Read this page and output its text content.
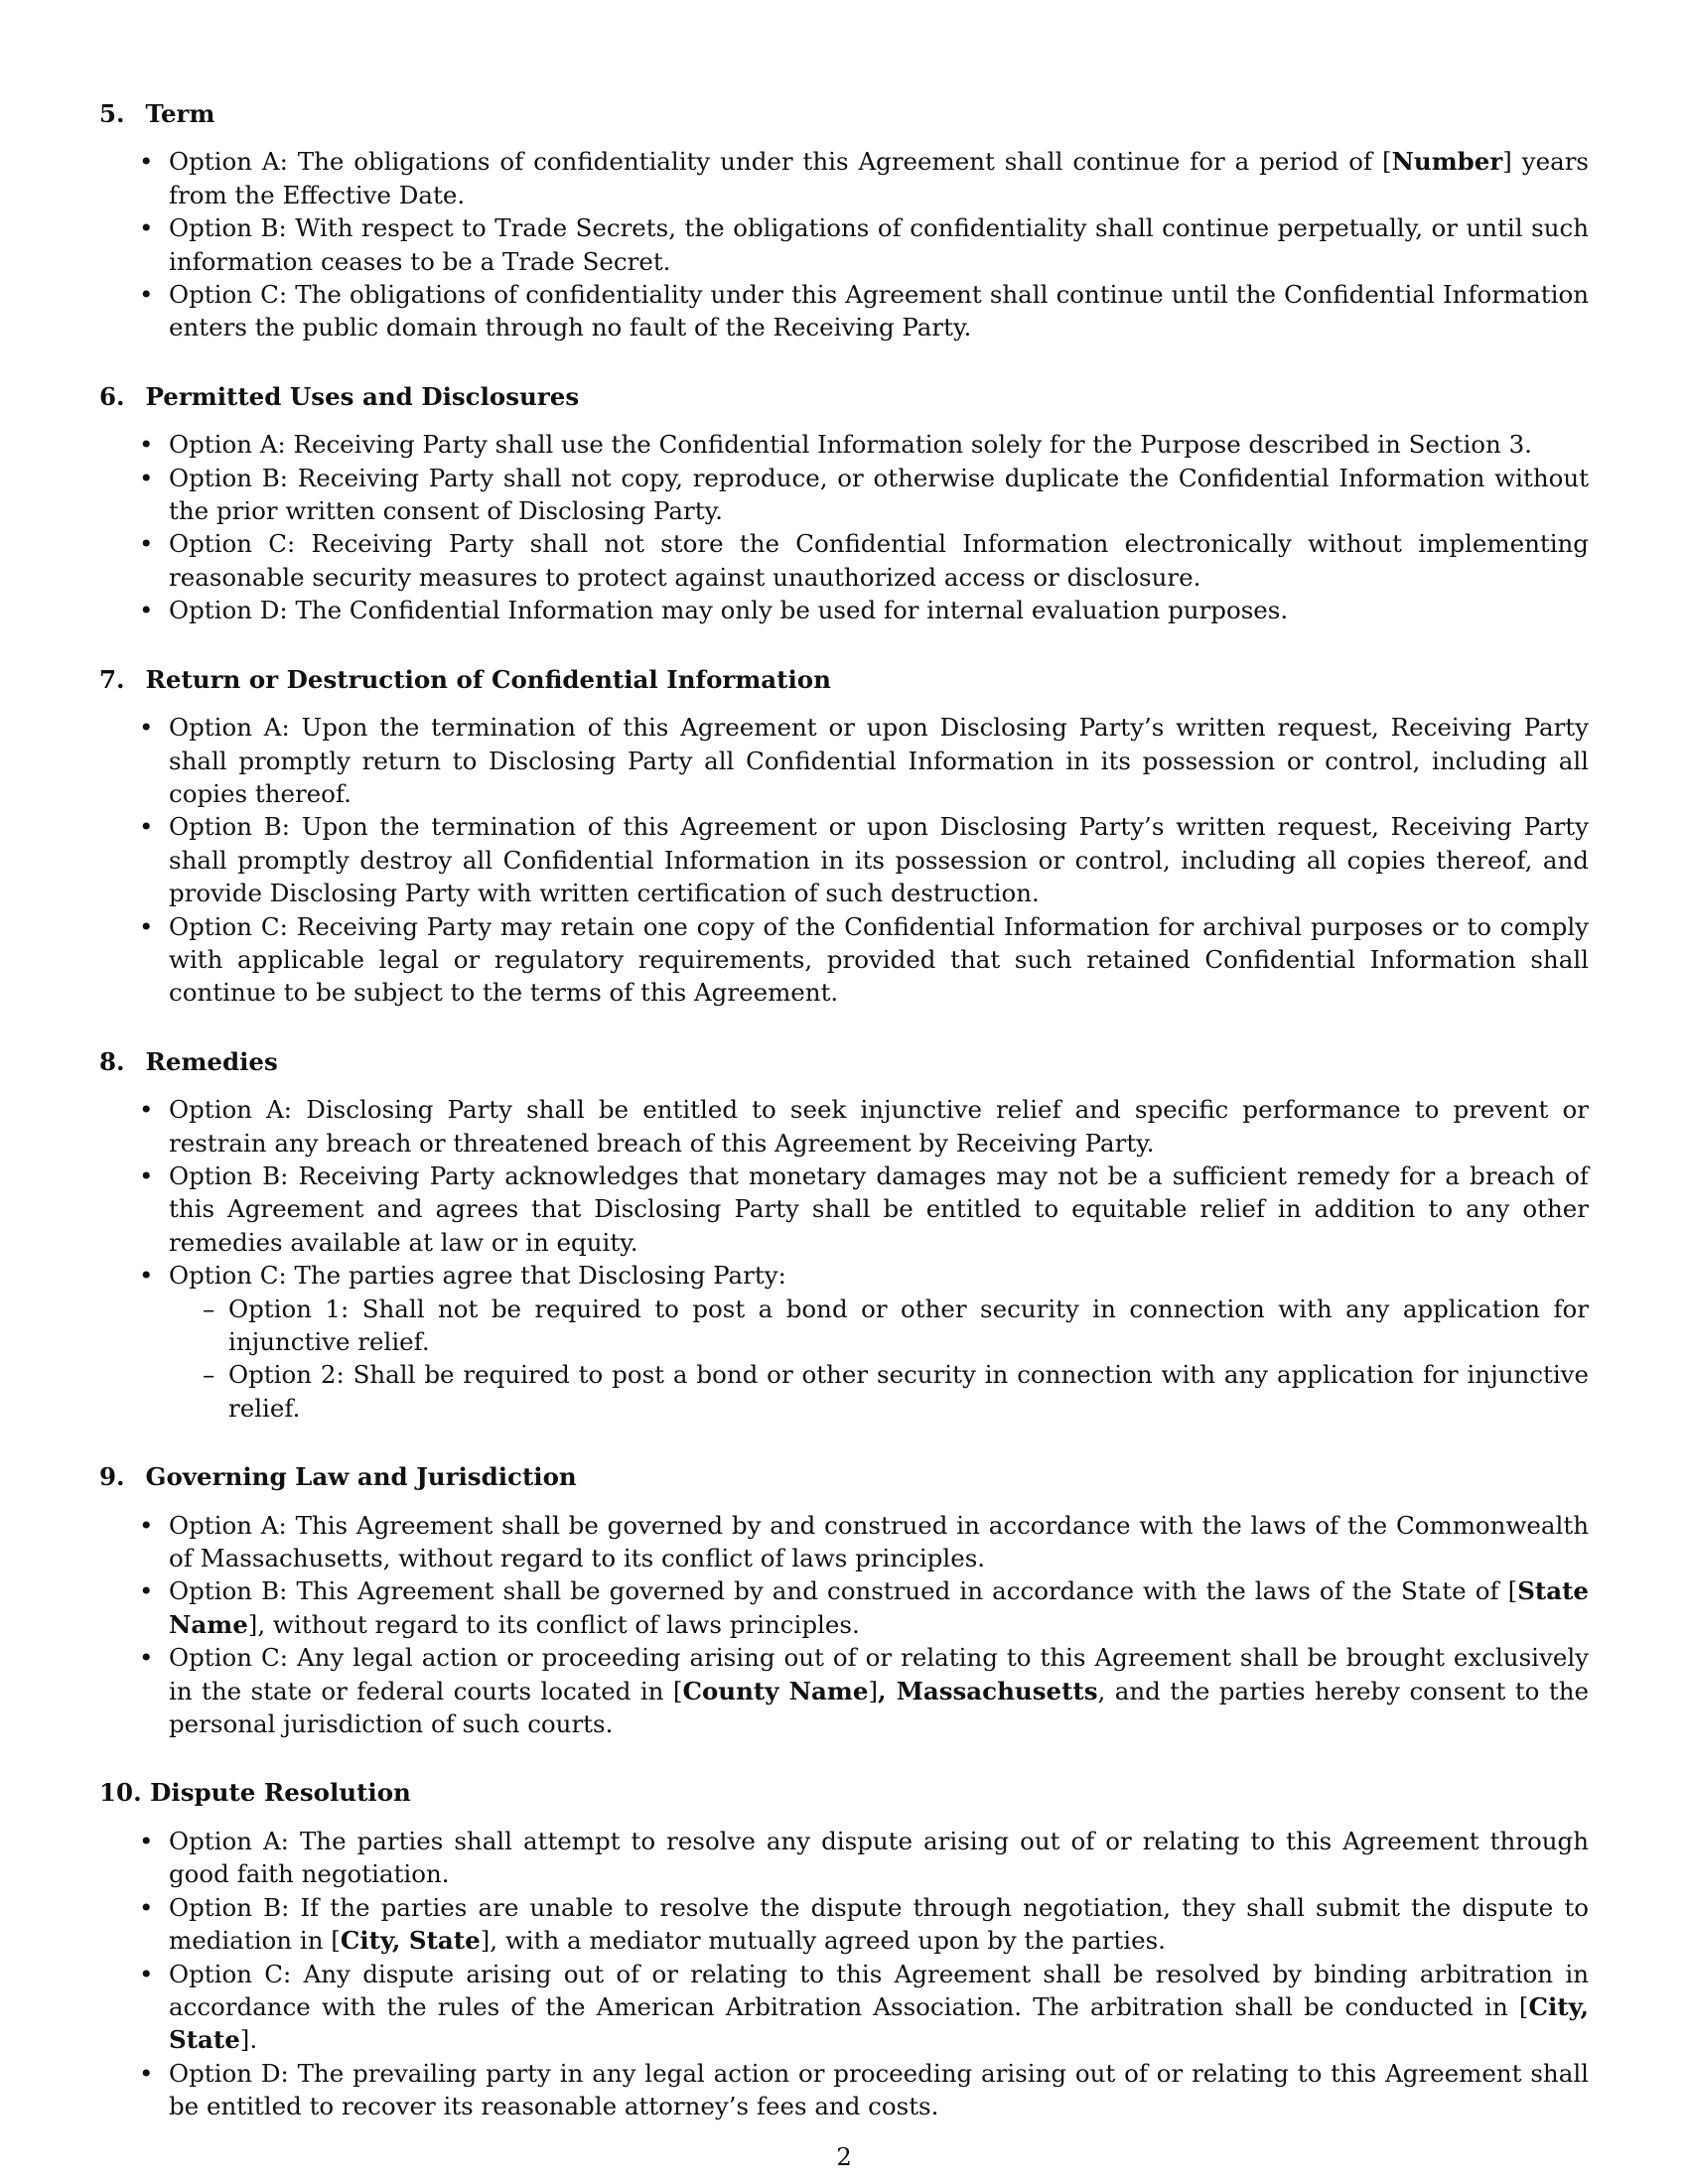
5. Term
• Option A: The obligations of confidentiality under this Agreement shall continue for a period of [Number] years from the Effective Date.
• Option B: With respect to Trade Secrets, the obligations of confidentiality shall continue perpetually, or until such information ceases to be a Trade Secret.
• Option C: The obligations of confidentiality under this Agreement shall continue until the Confidential Information enters the public domain through no fault of the Receiving Party.
6. Permitted Uses and Disclosures
• Option A: Receiving Party shall use the Confidential Information solely for the Purpose described in Section 3.
• Option B: Receiving Party shall not copy, reproduce, or otherwise duplicate the Confidential Information without the prior written consent of Disclosing Party.
• Option C: Receiving Party shall not store the Confidential Information electronically without implementing reasonable security measures to protect against unauthorized access or disclosure.
• Option D: The Confidential Information may only be used for internal evaluation purposes.
7. Return or Destruction of Confidential Information
• Option A: Upon the termination of this Agreement or upon Disclosing Party’s written request, Receiving Party shall promptly return to Disclosing Party all Confidential Information in its possession or control, including all copies thereof.
• Option B: Upon the termination of this Agreement or upon Disclosing Party’s written request, Receiving Party shall promptly destroy all Confidential Information in its possession or control, including all copies thereof, and provide Disclosing Party with written certification of such destruction.
• Option C: Receiving Party may retain one copy of the Confidential Information for archival purposes or to comply with applicable legal or regulatory requirements, provided that such retained Confidential Information shall continue to be subject to the terms of this Agreement.
8. Remedies
• Option A: Disclosing Party shall be entitled to seek injunctive relief and specific performance to prevent or restrain any breach or threatened breach of this Agreement by Receiving Party.
• Option B: Receiving Party acknowledges that monetary damages may not be a sufficient remedy for a breach of this Agreement and agrees that Disclosing Party shall be entitled to equitable relief in addition to any other remedies available at law or in equity.
• Option C: The parties agree that Disclosing Party:
– Option 1: Shall not be required to post a bond or other security in connection with any application for injunctive relief.
– Option 2: Shall be required to post a bond or other security in connection with any application for injunctive relief.
9. Governing Law and Jurisdiction
• Option A: This Agreement shall be governed by and construed in accordance with the laws of the Commonwealth of Massachusetts, without regard to its conflict of laws principles.
• Option B: This Agreement shall be governed by and construed in accordance with the laws of the State of [State Name], without regard to its conflict of laws principles.
• Option C: Any legal action or proceeding arising out of or relating to this Agreement shall be brought exclusively in the state or federal courts located in [County Name], Massachusetts, and the parties hereby consent to the personal jurisdiction of such courts.
10. Dispute Resolution
• Option A: The parties shall attempt to resolve any dispute arising out of or relating to this Agreement through good faith negotiation.
• Option B: If the parties are unable to resolve the dispute through negotiation, they shall submit the dispute to mediation in [City, State], with a mediator mutually agreed upon by the parties.
• Option C: Any dispute arising out of or relating to this Agreement shall be resolved by binding arbitration in accordance with the rules of the American Arbitration Association. The arbitration shall be conducted in [City, State].
• Option D: The prevailing party in any legal action or proceeding arising out of or relating to this Agreement shall be entitled to recover its reasonable attorney’s fees and costs.
2
